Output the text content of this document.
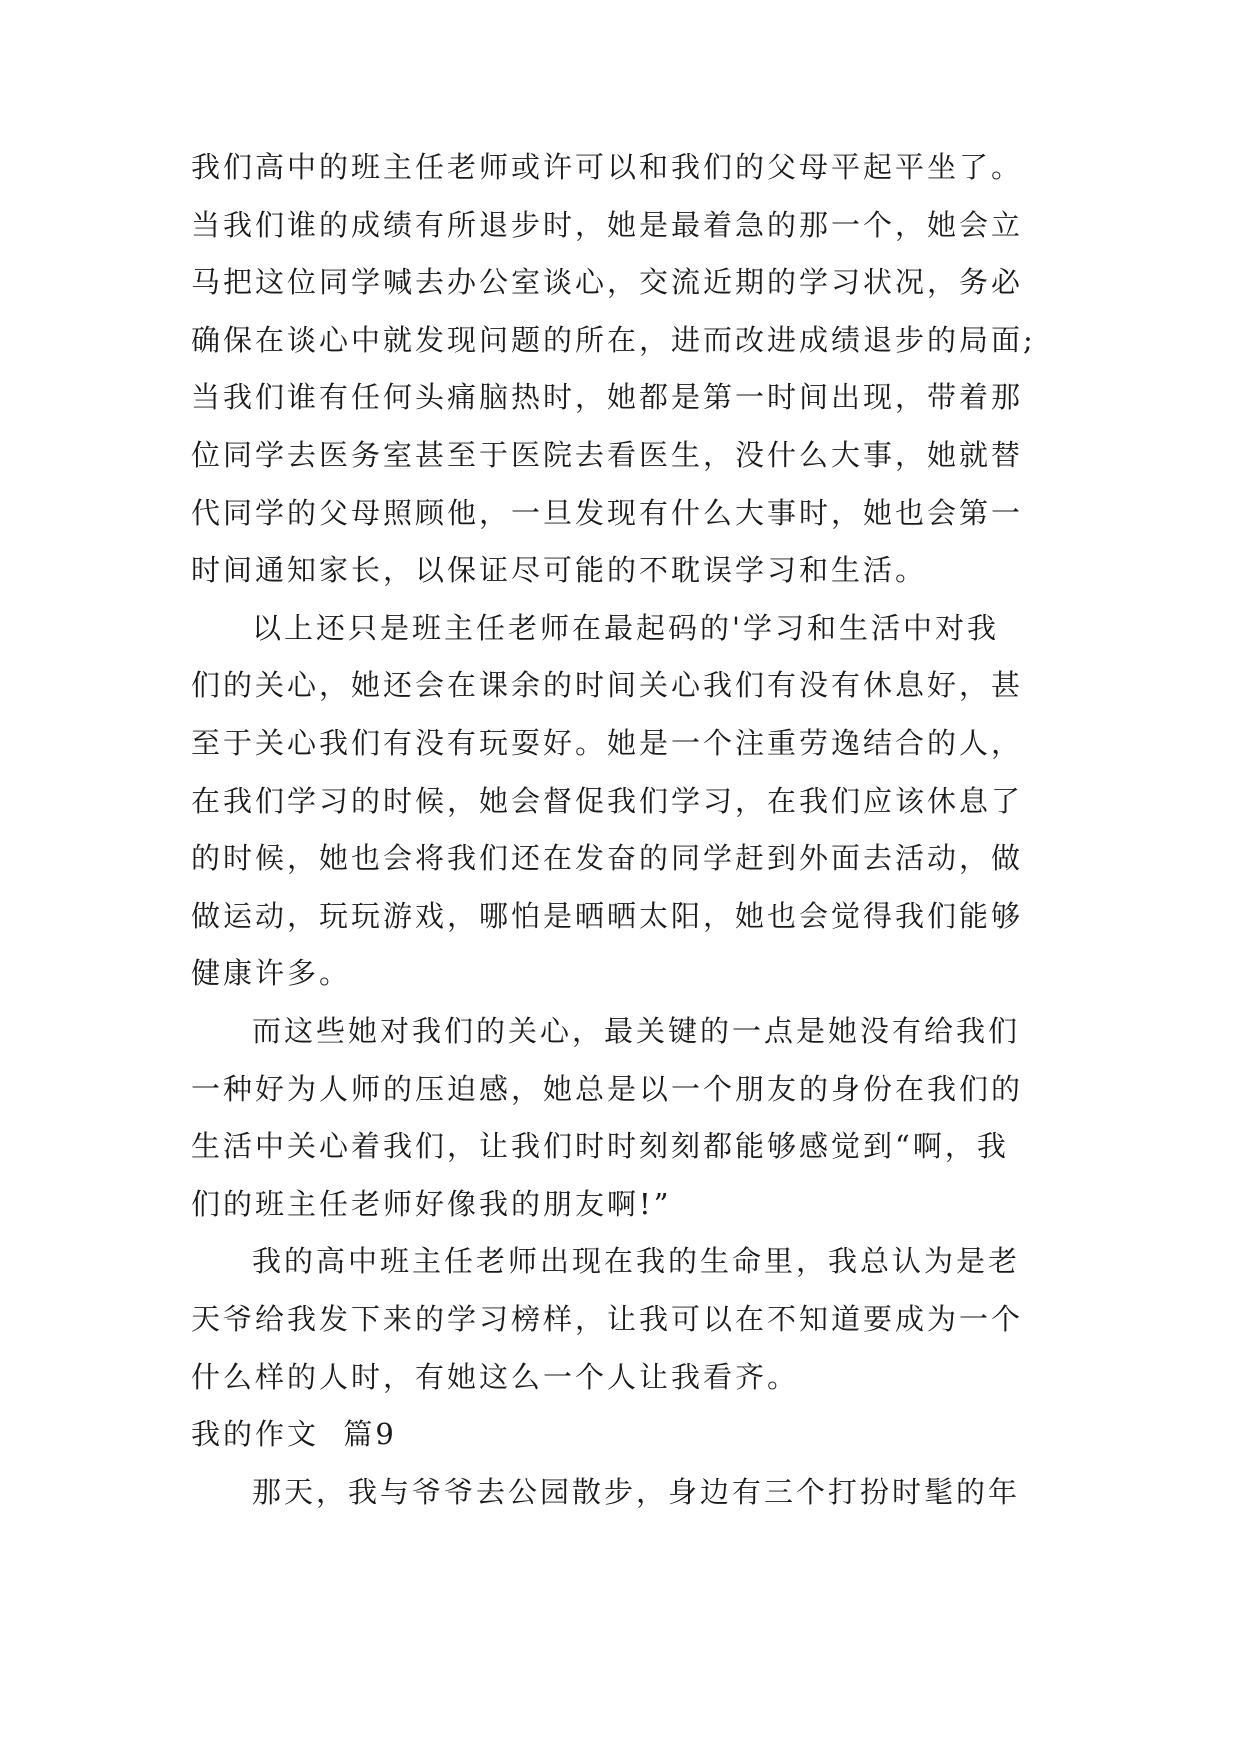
我们高中的班主任老师或许可以和我们的父母平起平坐了。
当我们谁的成绩有所退步时，她是最着急的那一个，她会立
马把这位同学喊去办公室谈心，交流近期的学习状况，务必
确保在谈心中就发现问题的所在，进而改进成绩退步的局面;
当我们谁有任何头痛脑热时，她都是第一时间出现，带着那
位同学去医务室甚至于医院去看医生，没什么大事，她就替
代同学的父母照顾他，一旦发现有什么大事时，她也会第一
时间通知家长，以保证尽可能的不耽误学习和生活。
以上还只是班主任老师在最起码的'学习和生活中对我
们的关心，她还会在课余的时间关心我们有没有休息好，甚
至于关心我们有没有玩耍好。她是一个注重劳逸结合的人，
在我们学习的时候，她会督促我们学习，在我们应该休息了
的时候，她也会将我们还在发奋的同学赶到外面去活动，做
做运动，玩玩游戏，哪怕是晒晒太阳，她也会觉得我们能够
健康许多。
而这些她对我们的关心，最关键的一点是她没有给我们
一种好为人师的压迫感，她总是以一个朋友的身份在我们的
生活中关心着我们，让我们时时刻刻都能够感觉到“啊，我
们的班主任老师好像我的朋友啊!”
我的高中班主任老师出现在我的生命里，我总认为是老
天爷给我发下来的学习榜样，让我可以在不知道要成为一个
什么样的人时，有她这么一个人让我看齐。
我的作文  篇9
那天，我与爷爷去公园散步，身边有三个打扮时髦的年
